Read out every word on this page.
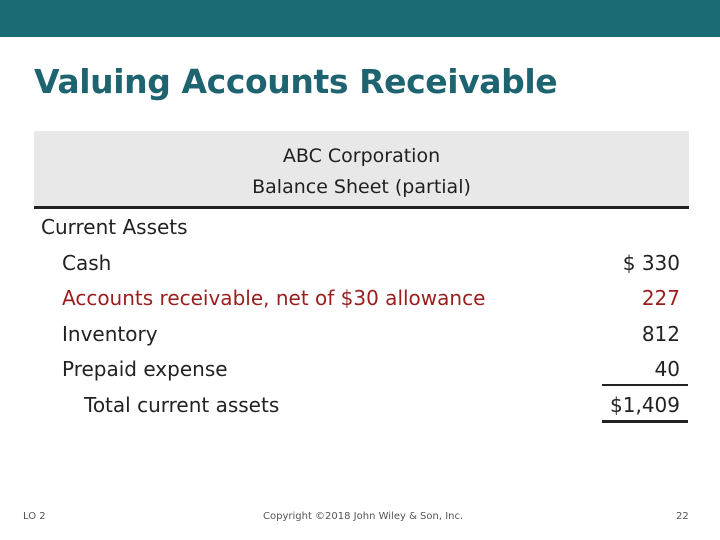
Valuing Accounts Receivable
ABC Corporation
Balance Sheet (partial)
Current Assets
Cash	$ 330
Accounts receivable, net of $30 allowance	227
Inventory	812
Prepaid expense	40
Total current assets	$1,409
LO 2	Copyright ©2018 John Wiley & Son, Inc.	22
